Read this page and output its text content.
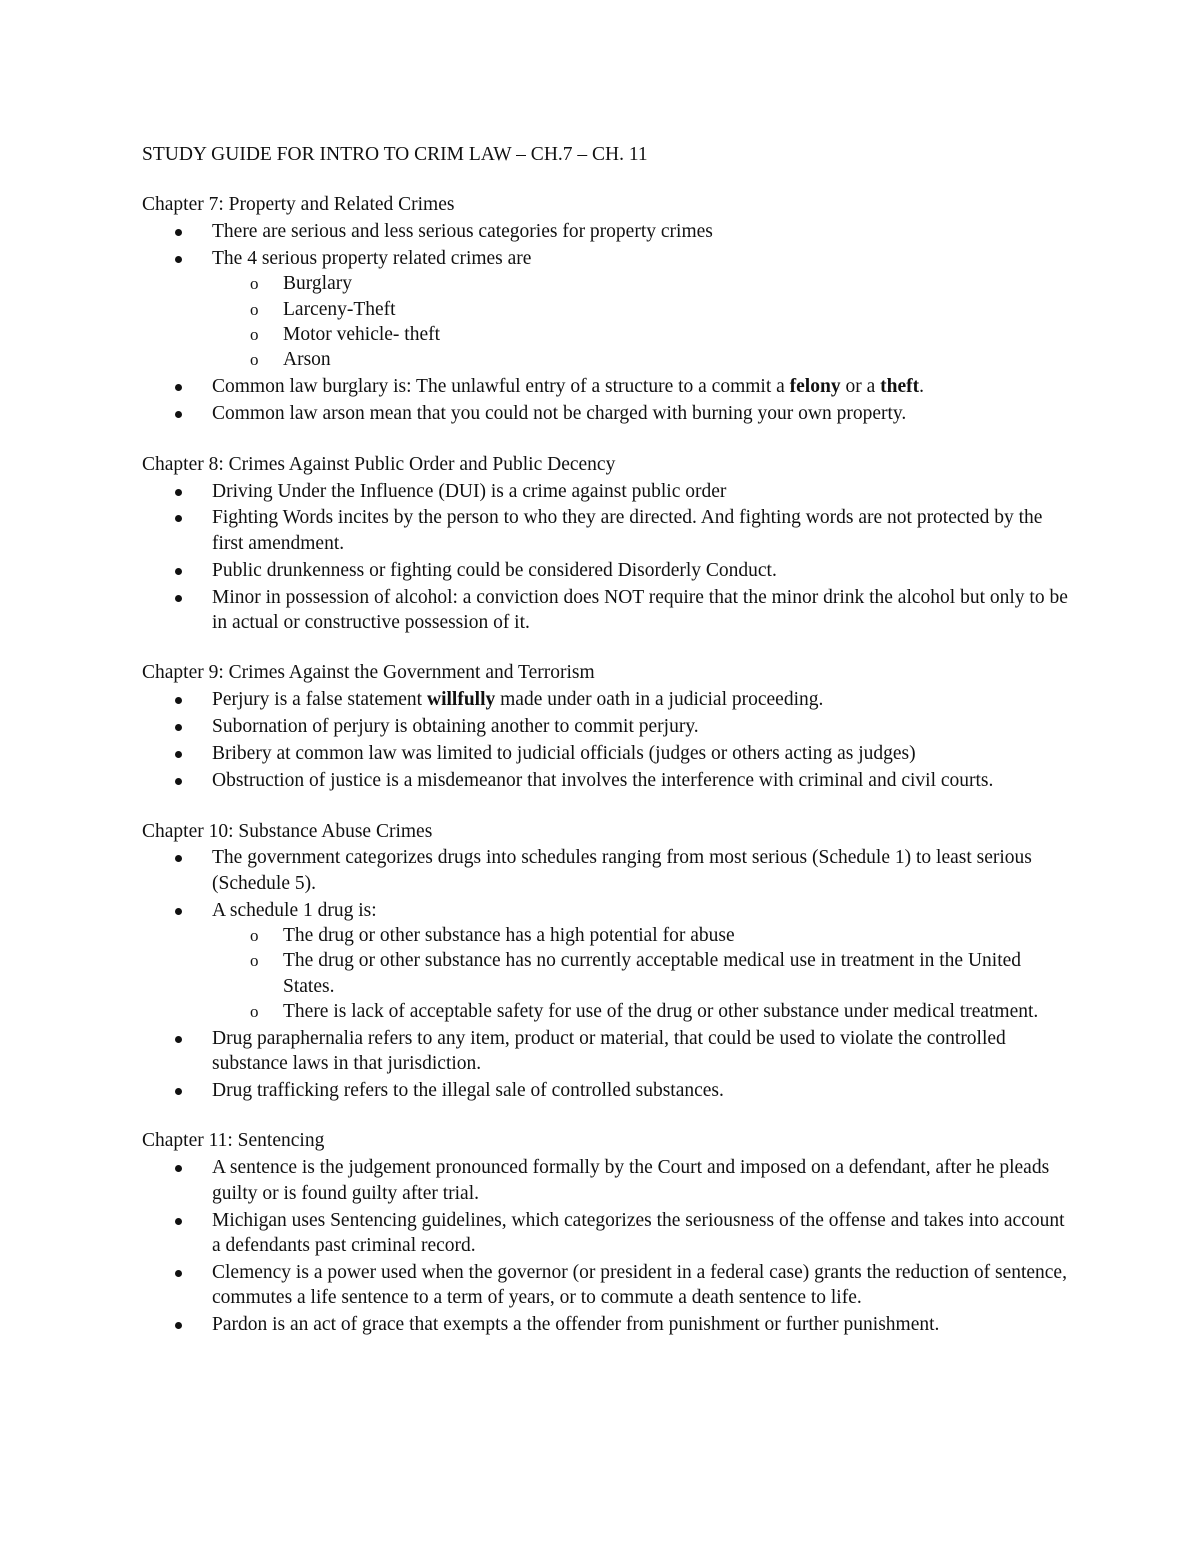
STUDY GUIDE FOR INTRO TO CRIM LAW – CH.7 – CH. 11
Chapter 7: Property and Related Crimes
There are serious and less serious categories for property crimes
The 4 serious property related crimes are
o Burglary
o Larceny-Theft
o Motor vehicle- theft
o Arson
Common law burglary is: The unlawful entry of a structure to a commit a felony or a theft.
Common law arson mean that you could not be charged with burning your own property.
Chapter 8: Crimes Against Public Order and Public Decency
Driving Under the Influence (DUI) is a crime against public order
Fighting Words incites by the person to who they are directed. And fighting words are not protected by the first amendment.
Public drunkenness or fighting could be considered Disorderly Conduct.
Minor in possession of alcohol: a conviction does NOT require that the minor drink the alcohol but only to be in actual or constructive possession of it.
Chapter 9: Crimes Against the Government and Terrorism
Perjury is a false statement willfully made under oath in a judicial proceeding.
Subornation of perjury is obtaining another to commit perjury.
Bribery at common law was limited to judicial officials (judges or others acting as judges)
Obstruction of justice is a misdemeanor that involves the interference with criminal and civil courts.
Chapter 10: Substance Abuse Crimes
The government categorizes drugs into schedules ranging from most serious (Schedule 1) to least serious (Schedule 5).
A schedule 1 drug is:
o The drug or other substance has a high potential for abuse
o The drug or other substance has no currently acceptable medical use in treatment in the United States.
o There is lack of acceptable safety for use of the drug or other substance under medical treatment.
Drug paraphernalia refers to any item, product or material, that could be used to violate the controlled substance laws in that jurisdiction.
Drug trafficking refers to the illegal sale of controlled substances.
Chapter 11: Sentencing
A sentence is the judgement pronounced formally by the Court and imposed on a defendant, after he pleads guilty or is found guilty after trial.
Michigan uses Sentencing guidelines, which categorizes the seriousness of the offense and takes into account a defendants past criminal record.
Clemency is a power used when the governor (or president in a federal case) grants the reduction of sentence, commutes a life sentence to a term of years, or to commute a death sentence to life.
Pardon is an act of grace that exempts a the offender from punishment or further punishment.
